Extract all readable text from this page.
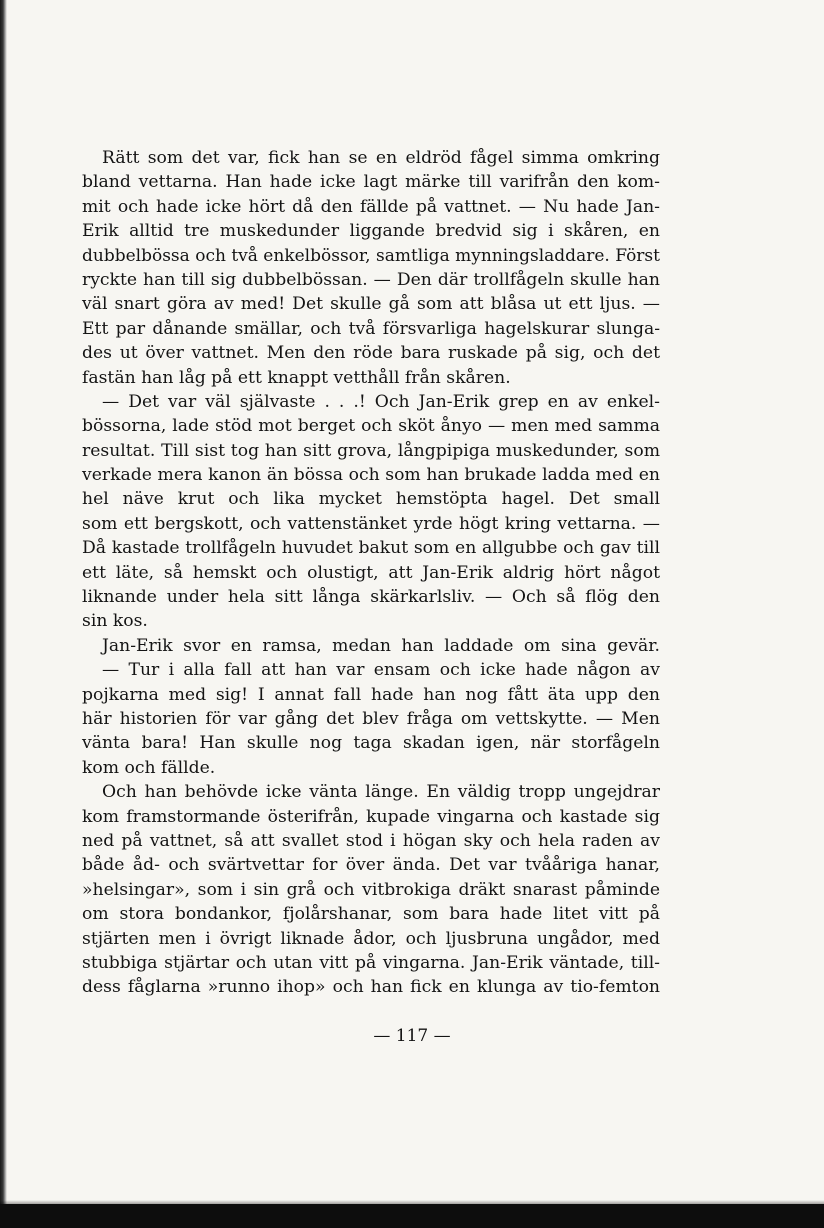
Rätt som det var, fick han se en eldröd fågel simma omkring
bland vettarna. Han hade icke lagt märke till varifrån den kom-
mit och hade icke hört då den fällde på vattnet. — Nu hade Jan-
Erik alltid tre muskedunder liggande bredvid sig i skåren, en
dubbelbössa och två enkelbössor, samtliga mynningsladdare. Först
ryckte han till sig dubbelbössan. — Den där trollfågeln skulle han
väl snart göra av med! Det skulle gå som att blåsa ut ett ljus. —
Ett par dånande smällar, och två försvarliga hagelskurar slunga-
des ut över vattnet. Men den röde bara ruskade på sig, och det
fastän han låg på ett knappt vetthåll från skåren.
— Det var väl självaste . . .! Och Jan-Erik grep en av enkel-
bössorna, lade stöd mot berget och sköt ånyo — men med samma
resultat. Till sist tog han sitt grova, långpipiga muskedunder, som
verkade mera kanon än bössa och som han brukade ladda med en
hel näve krut och lika mycket hemstöpta hagel. Det small
som ett bergskott, och vattenstänket yrde högt kring vettarna. —
Då kastade trollfågeln huvudet bakut som en allgubbe och gav till
ett läte, så hemskt och olustigt, att Jan-Erik aldrig hört något
liknande under hela sitt långa skärkarlsliv. — Och så flög den
sin kos.
Jan-Erik svor en ramsa, medan han laddade om sina gevär.
— Tur i alla fall att han var ensam och icke hade någon av
pojkarna med sig! I annat fall hade han nog fått äta upp den
här historien för var gång det blev fråga om vettskytte. — Men
vänta bara! Han skulle nog taga skadan igen, när storfågeln
kom och fällde.
Och han behövde icke vänta länge. En väldig tropp ungejdrar
kom framstormande österifrån, kupade vingarna och kastade sig
ned på vattnet, så att svallet stod i högan sky och hela raden av
både åd- och svärtvettar for över ända. Det var tvååriga hanar,
»helsingar», som i sin grå och vitbrokiga dräkt snarast påminde
om stora bondankor, fjolårshanar, som bara hade litet vitt på
stjärten men i övrigt liknade ådor, och ljusbruna ungådor, med
stubbiga stjärtar och utan vitt på vingarna. Jan-Erik väntade, till-
dess fåglarna »runno ihop» och han fick en klunga av tio-femton
— 117 —
